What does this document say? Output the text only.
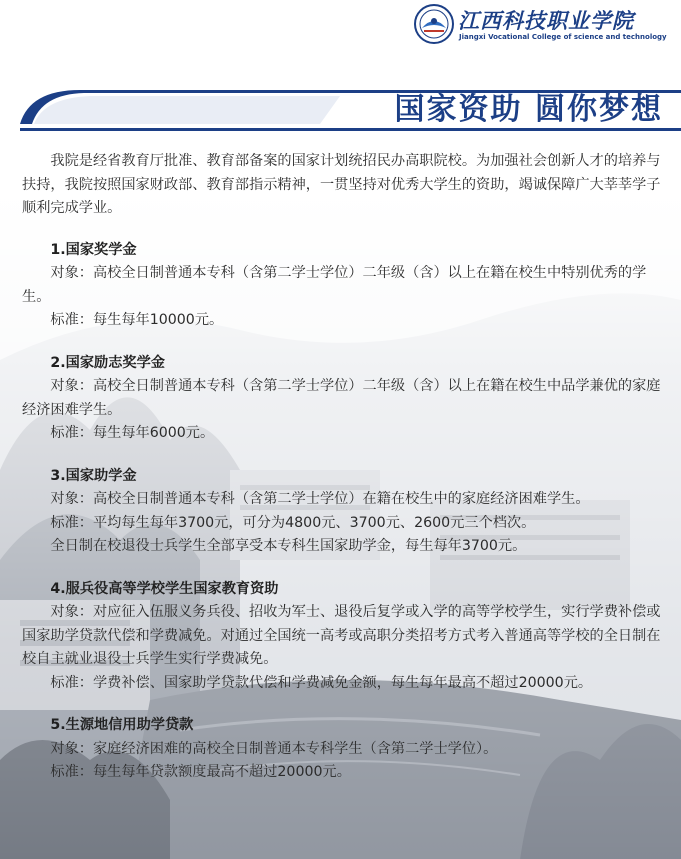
江西科技职业学院
Jiangxi Vocational College of science and technology
国家资助 圆你梦想

我院是经省教育厅批准、教育部备案的国家计划统招民办高职院校。为加强社会创新人才的培养与扶持，我院按照国家财政部、教育部指示精神，一贯坚持对优秀大学生的资助，竭诚保障广大莘莘学子顺利完成学业。

1.国家奖学金

对象：高校全日制普通本专科（含第二学士学位）二年级（含）以上在籍在校生中特别优秀的学生。

标准：每生每年10000元。

2.国家励志奖学金

对象：高校全日制普通本专科（含第二学士学位）二年级（含）以上在籍在校生中品学兼优的家庭经济困难学生。

标准：每生每年6000元。

3.国家助学金

对象：高校全日制普通本专科（含第二学士学位）在籍在校生中的家庭经济困难学生。

标准：平均每生每年3700元，可分为4800元、3700元、2600元三个档次。

全日制在校退役士兵学生全部享受本专科生国家助学金，每生每年3700元。

4.服兵役高等学校学生国家教育资助

对象：对应征入伍服义务兵役、招收为军士、退役后复学或入学的高等学校学生，实行学费补偿或国家助学贷款代偿和学费减免。对通过全国统一高考或高职分类招考方式考入普通高等学校的全日制在校自主就业退役士兵学生实行学费减免。

标准：学费补偿、国家助学贷款代偿和学费减免金额，每生每年最高不超过20000元。

5.生源地信用助学贷款

对象：家庭经济困难的高校全日制普通本专科学生（含第二学士学位）。

标准：每生每年贷款额度最高不超过20000元。
